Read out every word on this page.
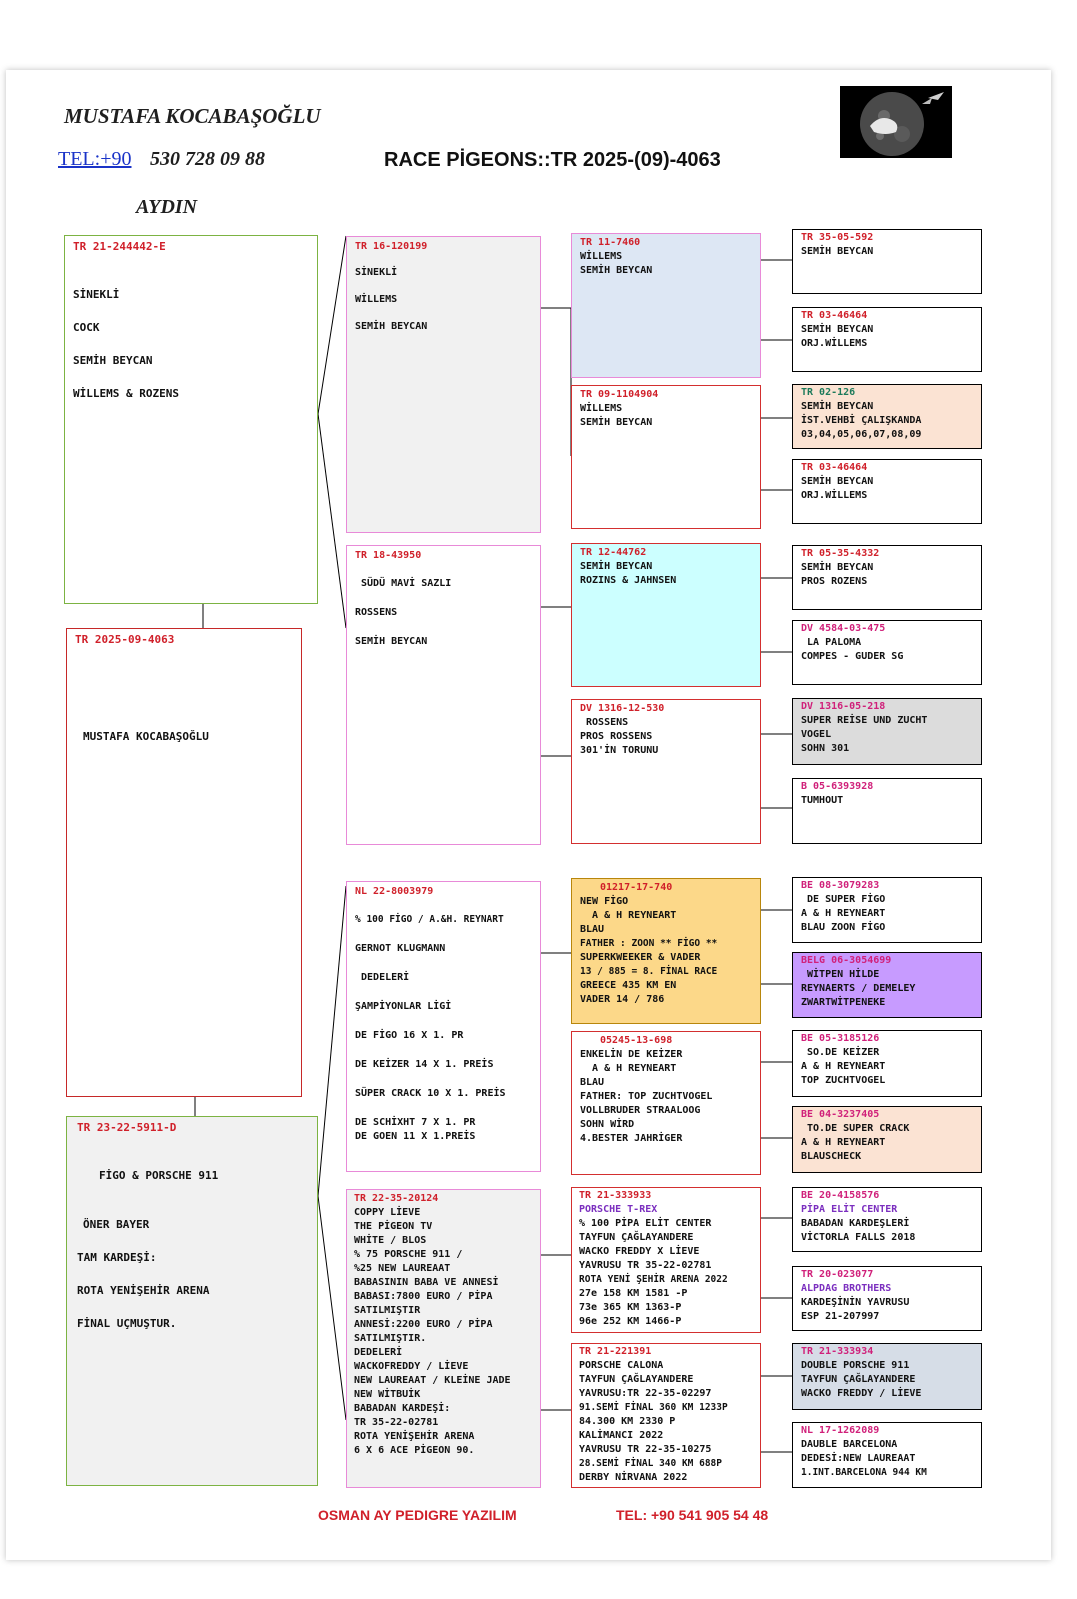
MUSTAFA KOCABAŞOĞLU
TEL:+90 530 728 09 88
AYDIN
RACE PİGEONS::TR 2025-(09)-4063
TR 21-244442-E
SİNEKLİ
COCK
SEMİH BEYCAN
WİLLEMS & ROZENS
TR 2025-09-4063
MUSTAFA KOCABAŞOĞLU
TR 23-22-5911-D
FİGO & PORSCHE 911
ÖNER BAYER
TAM KARDEŞİ:
ROTA YENİŞEHİR ARENA
FİNAL UÇMUŞTUR.
TR 16-120199
SİNEKLİ
WİLLEMS
SEMİH BEYCAN
TR 18-43950
SÜDÜ MAVİ SAZLI
ROSSENS
SEMİH BEYCAN
NL 22-8003979
% 100 FİGO / A.&H. REYNART
GERNOT KLUGMANN
DEDELERİ
ŞAMPİYONLAR LİGİ
DE FİGO 16 X 1. PR
DE KEİZER 14 X 1. PREİS
SÜPER CRACK 10 X 1. PREİS
DE SCHİXHT 7 X 1. PR
DE GOEN 11 X 1.PREİS
TR 22-35-20124
COPPY LİEVE
THE PİGEON TV
WHİTE / BLOS
% 75 PORSCHE 911 /
%25 NEW LAUREAAT
BABASININ BABA VE ANNESİ
BABASI:7800 EURO / PİPA
SATILMIŞTIR
ANNESİ:2200 EURO / PİPA
SATILMIŞTIR.
DEDELERİ
WACKOFREDDY / LİEVE
NEW LAUREAAT / KLEİNE JADE
NEW WİTBUİK
BABADAN KARDEŞİ:
TR 35-22-02781
ROTA YENİŞEHİR ARENA
6 X 6 ACE PİGEON 90.
TR 11-7460
WİLLEMS
SEMİH BEYCAN
TR 09-1104904
WİLLEMS
SEMİH BEYCAN
TR 12-44762
SEMİH BEYCAN
ROZINS & JAHNSEN
DV 1316-12-530
ROSSENS
PROS ROSSENS
301'İN TORUNU
01217-17-740
NEW FİGO
A & H REYNEART
BLAU
FATHER : ZOON ** FİGO **
SUPERKWEEKER & VADER
13 / 885 = 8. FİNAL RACE
GREECE 435 KM EN
VADER 14 / 786
05245-13-698
ENKELİN DE KEİZER
A & H REYNEART
BLAU
FATHER: TOP ZUCHTVOGEL
VOLLBRUDER STRAALOOG
SOHN WİRD
4.BESTER JAHRİGER
TR 21-333933
PORSCHE T-REX
% 100 PİPA ELİT CENTER
TAYFUN ÇAĞLAYANDERE
WACKO FREDDY X LİEVE
YAVRUSU TR 35-22-02781
ROTA YENİ ŞEHİR ARENA 2022
27e 158 KM 1581 -P
73e 365 KM 1363-P
96e 252 KM 1466-P
TR 21-221391
PORSCHE CALONA
TAYFUN ÇAĞLAYANDERE
YAVRUSU:TR 22-35-02297
91.SEMİ FİNAL 360 KM 1233P
84.300 KM 2330 P
KALİMANCI 2022
YAVRUSU TR 22-35-10275
28.SEMİ FİNAL 340 KM 688P
DERBY NİRVANA 2022
TR 35-05-592
SEMİH BEYCAN
TR 03-46464
SEMİH BEYCAN
ORJ.WİLLEMS
TR 02-126
SEMİH BEYCAN
İST.VEHBİ ÇALIŞKANDA
03,04,05,06,07,08,09
TR 03-46464
SEMİH BEYCAN
ORJ.WİLLEMS
TR 05-35-4332
SEMİH BEYCAN
PROS ROZENS
DV 4584-03-475
LA PALOMA
COMPES - GUDER SG
DV 1316-05-218
SUPER REİSE UND ZUCHT
VOGEL
SOHN 301
B 05-6393928
TUMHOUT
BE 08-3079283
DE SUPER FİGO
A & H REYNEART
BLAU ZOON FİGO
BELG 06-3054699
WİTPEN HİLDE
REYNAERTS / DEMELEY
ZWARTWİTPENEKE
BE 05-3185126
SO.DE KEİZER
A & H REYNEART
TOP ZUCHTVOGEL
BE 04-3237405
TO.DE SUPER CRACK
A & H REYNEART
BLAUSCHECK
BE 20-4158576
PİPA ELİT CENTER
BABADAN KARDEŞLERİ
VİCTORLA FALLS 2018
TR 20-023077
ALPDAG BROTHERS
KARDEŞİNİN YAVRUSU
ESP 21-207997
TR 21-333934
DOUBLE PORSCHE 911
TAYFUN ÇAĞLAYANDERE
WACKO FREDDY / LİEVE
NL 17-1262089
DAUBLE BARCELONA
DEDESİ:NEW LAUREAAT
1.INT.BARCELONA 944 KM
OSMAN AY PEDIGRE YAZILIM	TEL: +90 541 905 54 48
